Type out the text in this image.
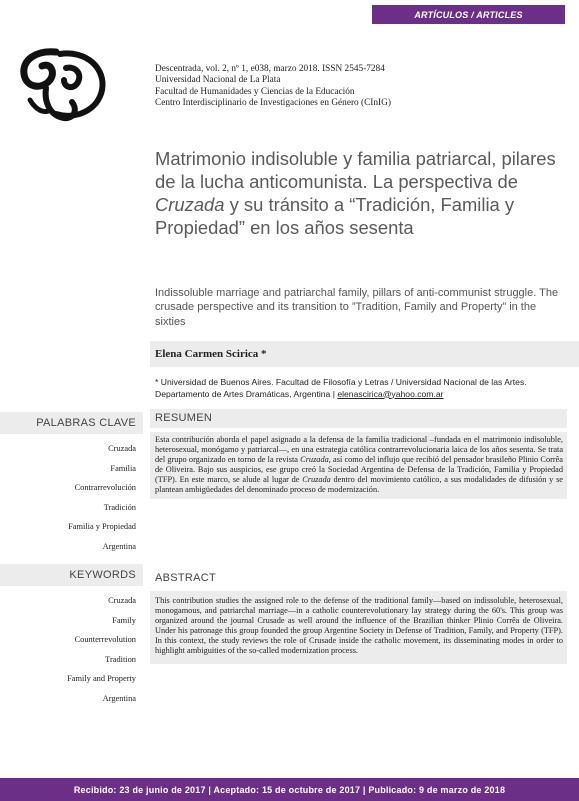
ARTÍCULOS / ARTICLES
Descentrada, vol. 2, nº 1, e038, marzo 2018. ISSN 2545-7284
Universidad Nacional de La Plata
Facultad de Humanidades y Ciencias de la Educación
Centro Interdisciplinario de Investigaciones en Género (CInIG)
Matrimonio indisoluble y familia patriarcal, pilares de la lucha anticomunista. La perspectiva de Cruzada y su tránsito a “Tradición, Familia y Propiedad” en los años sesenta

Indissoluble marriage and patriarchal family, pillars of anti-communist struggle. The crusade perspective and its transition to ”Tradition, Family and Property” in the sixties

Elena Carmen Scirica *

* Universidad de Buenos Aires. Facultad de Filosofía y Letras / Universidad Nacional de las Artes. Departamento de Artes Dramáticas, Argentina | elenascirica@yahoo.com.ar

PALABRAS CLAVE
Cruzada
Familia
Contrarrevolución
Tradición
Familia y Propiedad
Argentina
RESUMEN

Esta contribución aborda el papel asignado a la defensa de la familia tradicional –fundada en el matrimonio indisoluble, heterosexual, monógamo y patriarcal—, en una estrategia católica contrarrevolucionaria laica de los años sesenta. Se trata del grupo organizado en torno de la revista Cruzada, así como del influjo que recibió del pensador brasileño Plinio Corrêa de Oliveira. Bajo sus auspicios, ese grupo creó la Sociedad Argentina de Defensa de la Tradición, Familia y Propiedad (TFP). En este marco, se alude al lugar de Cruzada dentro del movimiento católico, a sus modalidades de difusión y se plantean ambigüedades del denominado proceso de modernización.

KEYWORDS
Cruzada
Family
Counterrevolution
Tradition
Family and Property
Argentina
ABSTRACT

This contribution studies the assigned role to the defense of the traditional family—based on indissoluble, heterosexual, monogamous, and patriarchal marriage—in a catholic counterevolutionary lay strategy during the 60's. This group was organized around the journal Crusade as well around the influence of the Brazilian thinker Plinio Corrêa de Oliveira. Under his patronage this group founded the group Argentine Society in Defense of Tradition, Family, and Property (TFP). In this context, the study reviews the role of Crusade inside the catholic movement, its disseminating modes in order to highlight ambiguities of the so-called modernization process.

Recibido: 23 de junio de 2017 | Aceptado: 15 de octubre de 2017 | Publicado: 9 de marzo de 2018
